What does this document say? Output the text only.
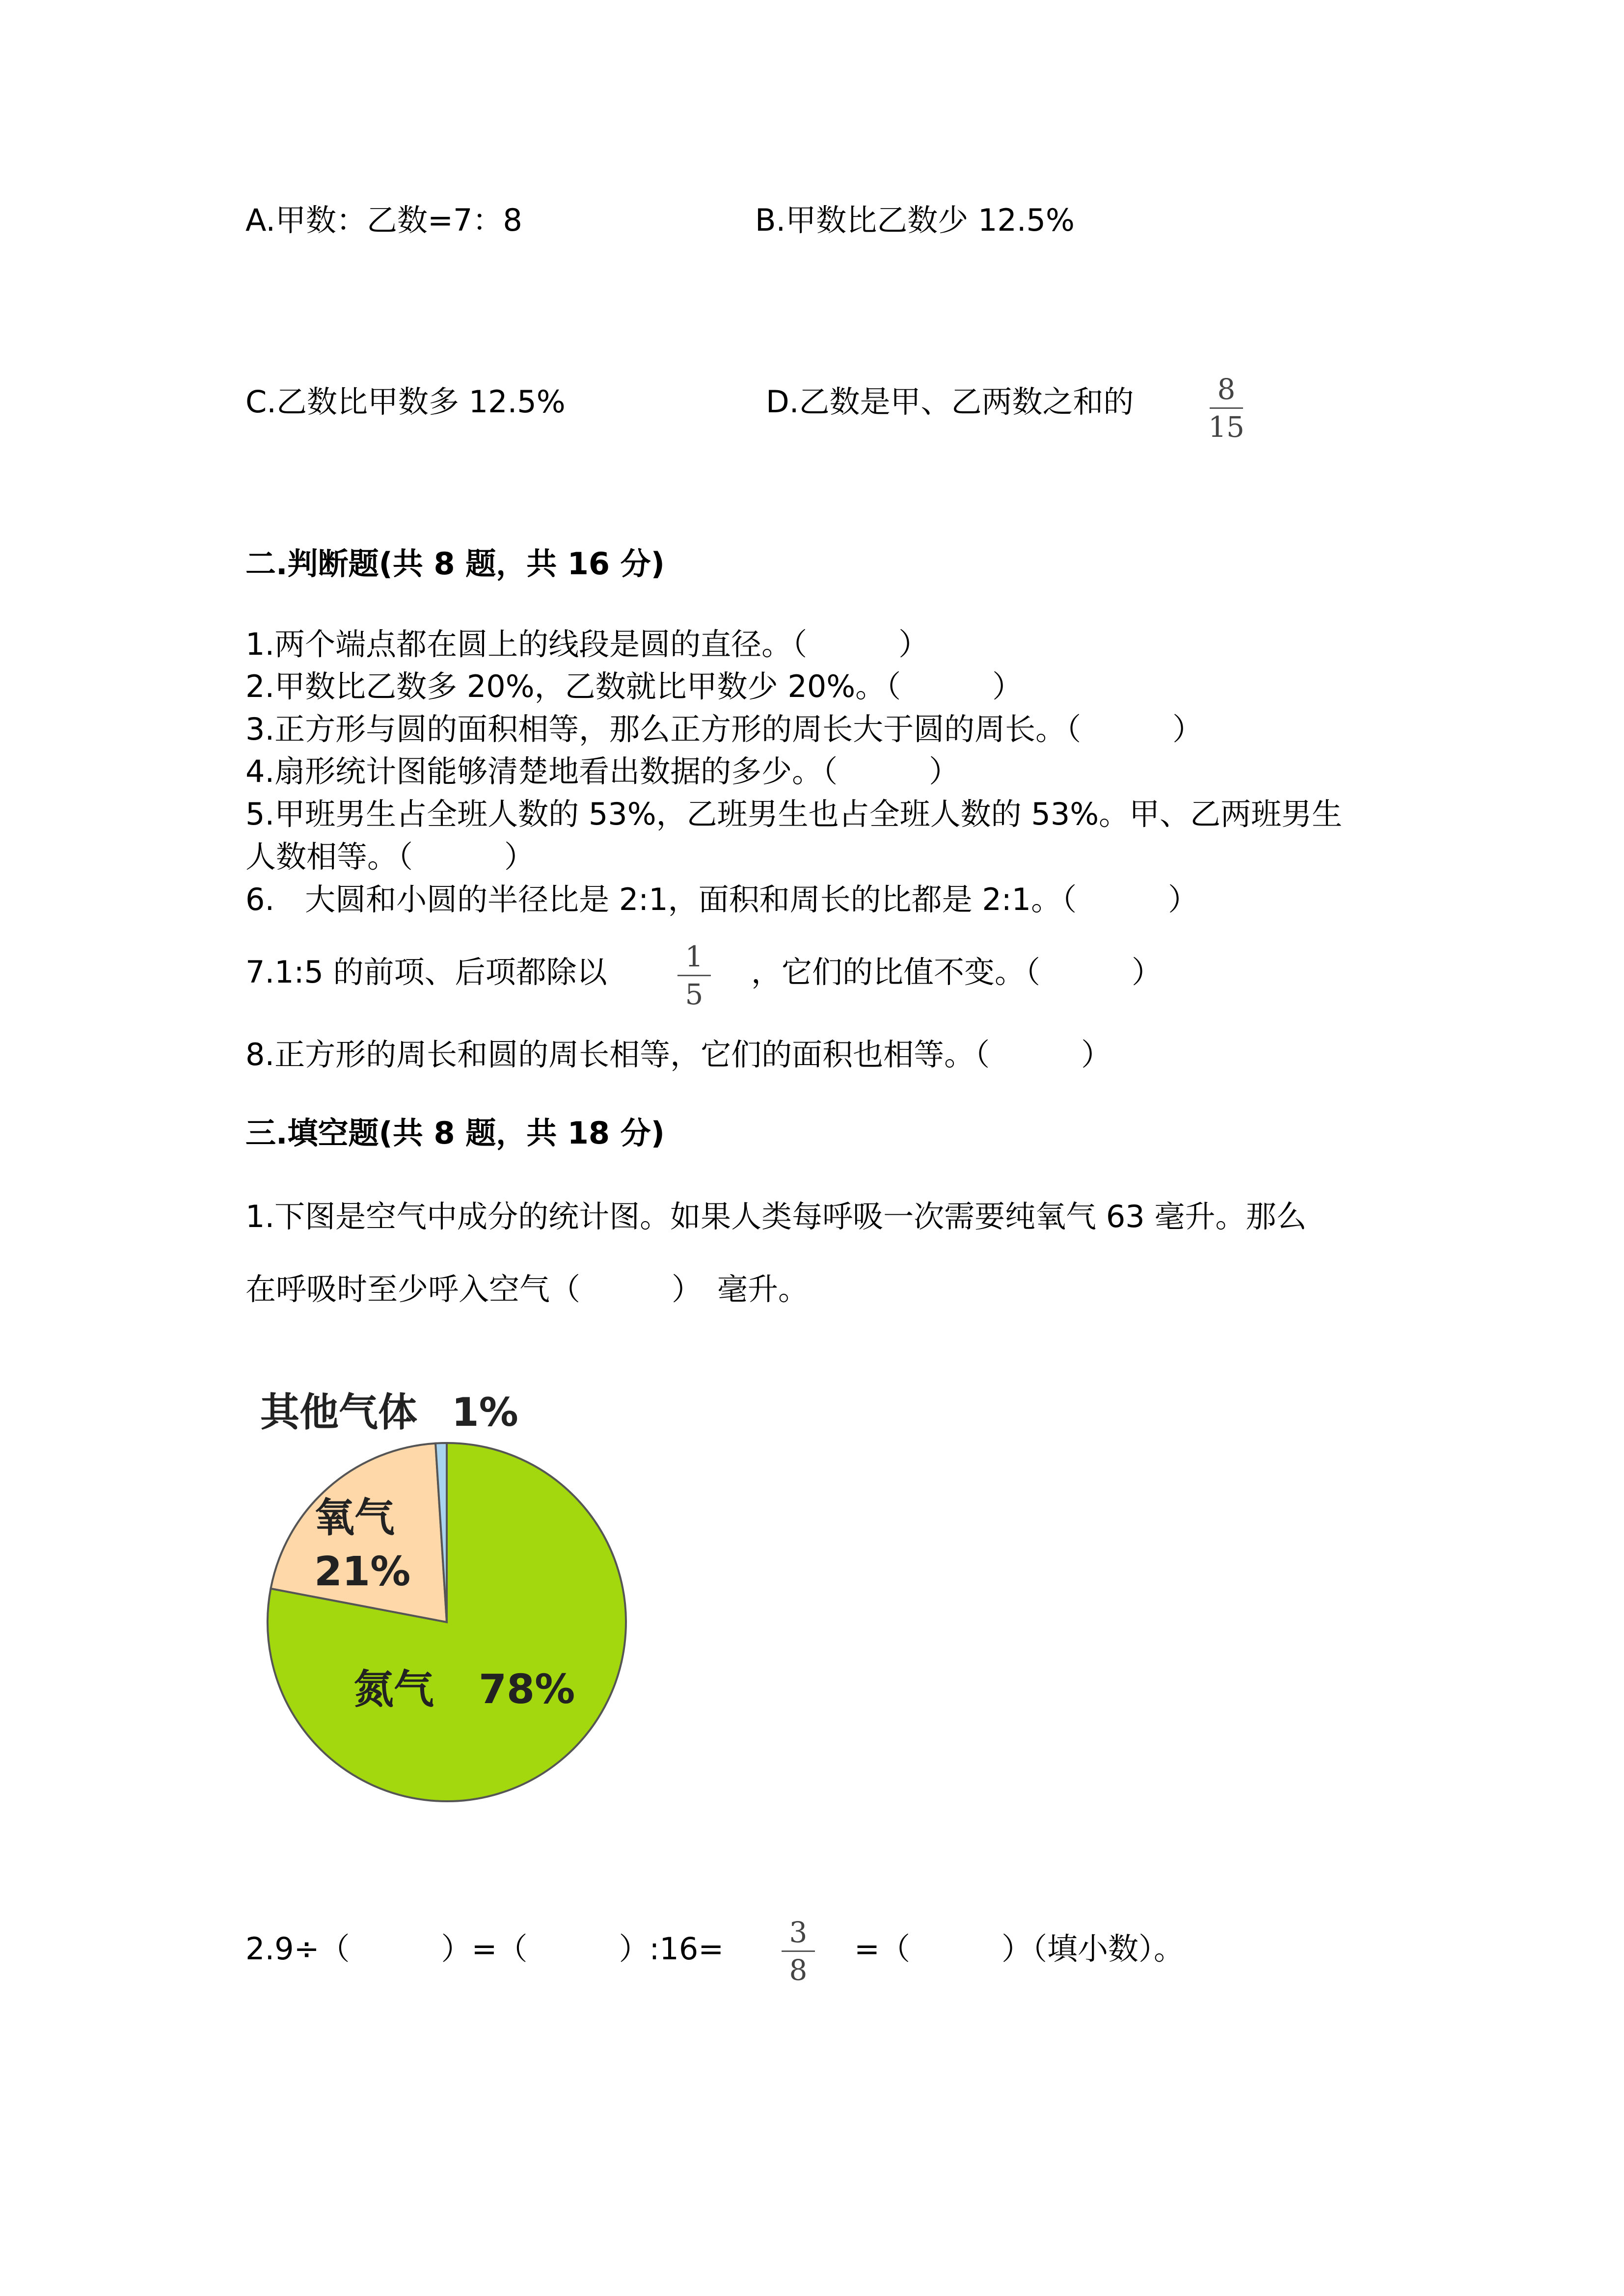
A.甲数：乙数=7：8	B.甲数比乙数少 12.5%
C.乙数比甲数多 12.5%	D.乙数是甲、乙两数之和的	8
15
二.判断题(共 8 题，共 16 分)
1.两个端点都在圆上的线段是圆的直径。（　　　）
2.甲数比乙数多 20%，乙数就比甲数少 20%。（　　　）
3.正方形与圆的面积相等，那么正方形的周长大于圆的周长。（　　　）
4.扇形统计图能够清楚地看出数据的多少。（　　　）
5.甲班男生占全班人数的 53%，乙班男生也占全班人数的 53%。甲、乙两班男生
人数相等。（　　　）
6.　大圆和小圆的半径比是 2:1，面积和周长的比都是 2:1。（　　　）
7.1:5 的前项、后项都除以	1
5
，它们的比值不变。（　　　）
8.正方形的周长和圆的周长相等，它们的面积也相等。（　　　）
三.填空题(共 8 题，共 18 分)
1.下图是空气中成分的统计图。如果人类每呼吸一次需要纯氧气 63 毫升。那么
在呼吸时至少呼入空气（　　　）　毫升。
其他气体 1%
氧气
21%
氮气 78%
2.9÷（　　　）=（　　　）:16=	3
8
=（　　　）（填小数）。
